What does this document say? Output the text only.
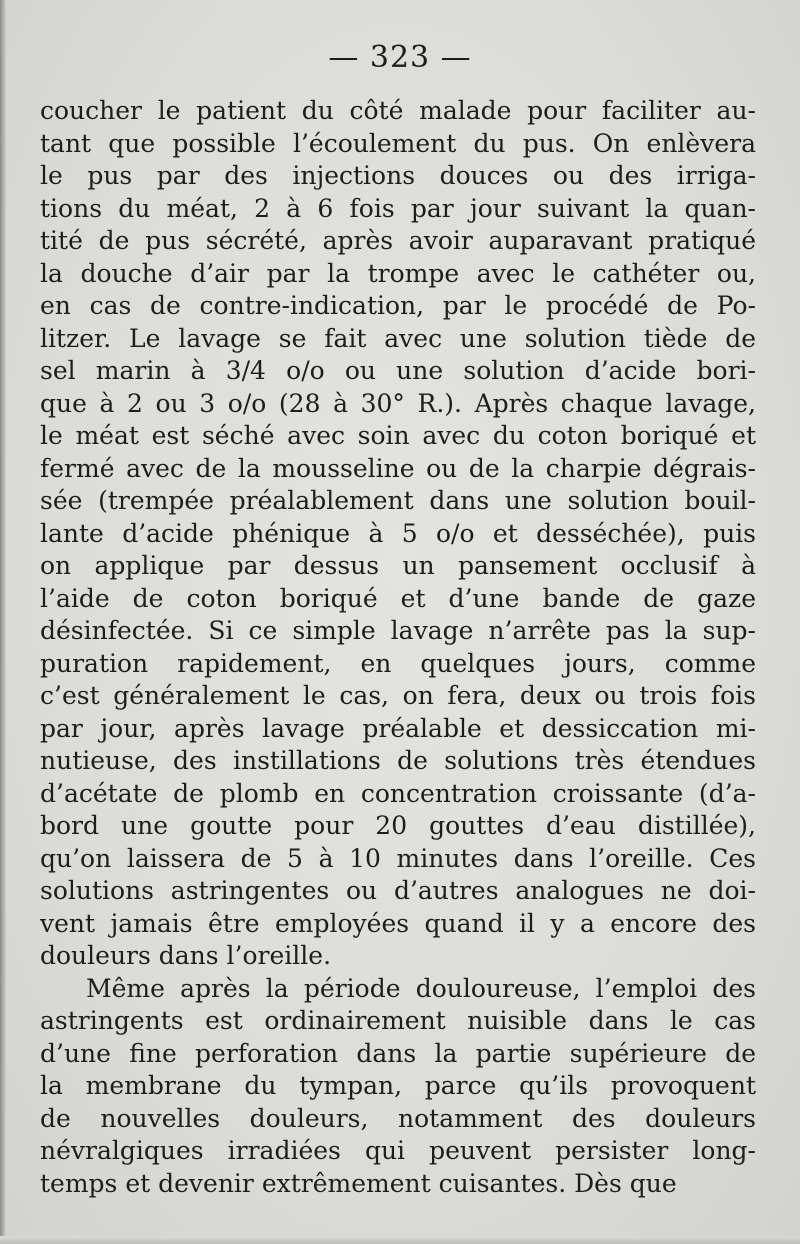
— 323 —
coucher le patient du côté malade pour faciliter au-
tant que possible l’écoulement du pus. On enlèvera
le pus par des injections douces ou des irriga-
tions du méat, 2 à 6 fois par jour suivant la quan-
tité de pus sécrété, après avoir auparavant pratiqué
la douche d’air par la trompe avec le cathéter ou,
en cas de contre-indication, par le procédé de Po-
litzer. Le lavage se fait avec une solution tiède de
sel marin à 3/4 o/o ou une solution d’acide bori-
que à 2 ou 3 o/o (28 à 30° R.). Après chaque lavage,
le méat est séché avec soin avec du coton boriqué et
fermé avec de la mousseline ou de la charpie dégrais-
sée (trempée préalablement dans une solution bouil-
lante d’acide phénique à 5 o/o et desséchée), puis
on applique par dessus un pansement occlusif à
l’aide de coton boriqué et d’une bande de gaze
désinfectée. Si ce simple lavage n’arrête pas la sup-
puration rapidement, en quelques jours, comme
c’est généralement le cas, on fera, deux ou trois fois
par jour, après lavage préalable et dessiccation mi-
nutieuse, des instillations de solutions très étendues
d’acétate de plomb en concentration croissante (d’a-
bord une goutte pour 20 gouttes d’eau distillée),
qu’on laissera de 5 à 10 minutes dans l’oreille. Ces
solutions astringentes ou d’autres analogues ne doi-
vent jamais être employées quand il y a encore des
douleurs dans l’oreille.
Même après la période douloureuse, l’emploi des
astringents est ordinairement nuisible dans le cas
d’une fine perforation dans la partie supérieure de
la membrane du tympan, parce qu’ils provoquent
de nouvelles douleurs, notamment des douleurs
névralgiques irradiées qui peuvent persister long-
temps et devenir extrêmement cuisantes. Dès que
